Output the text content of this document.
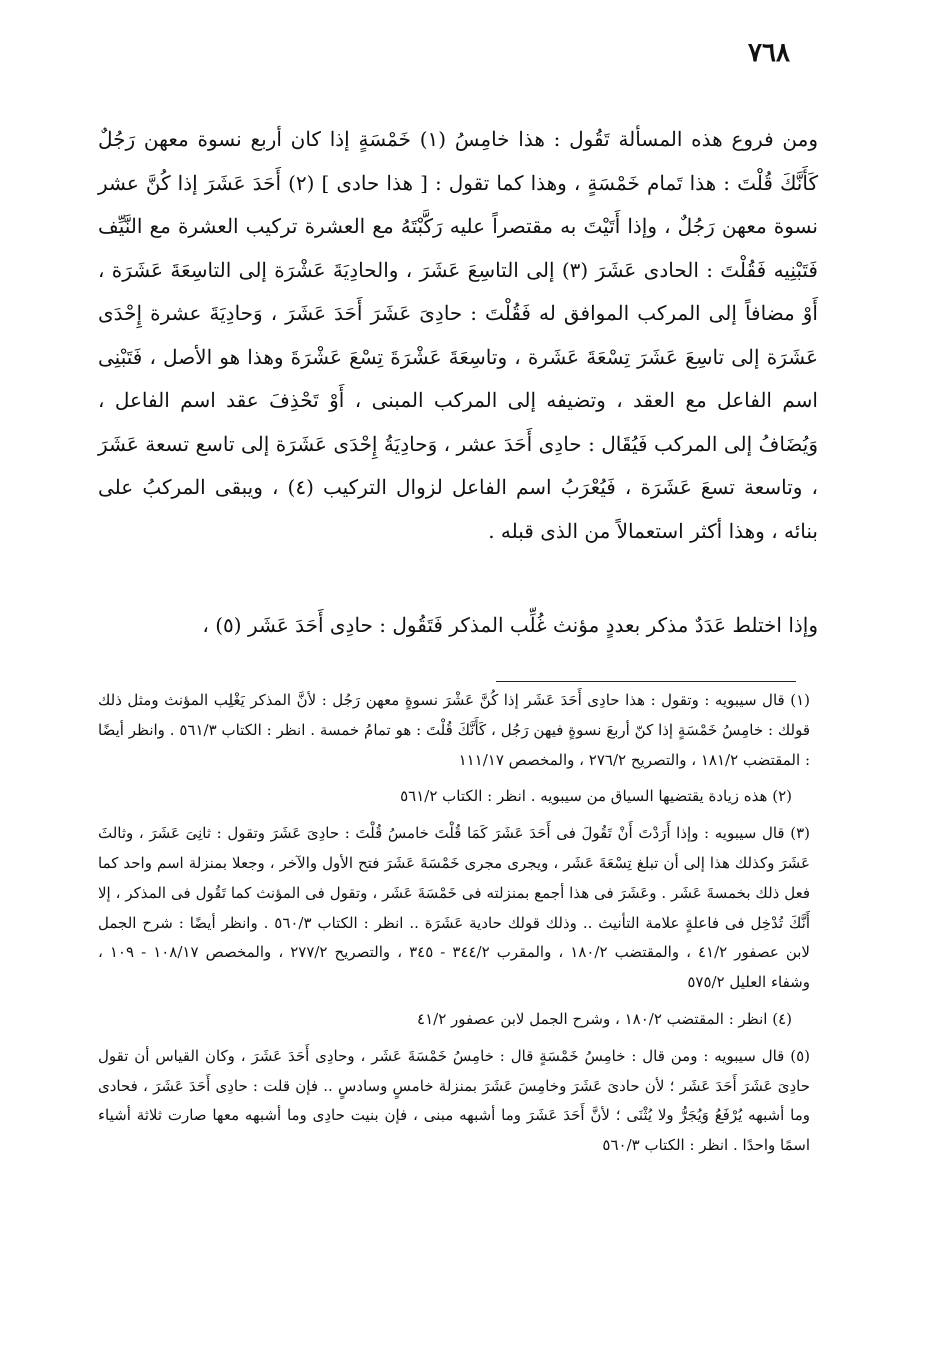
٧٦٨

ومن فروع هذه المسألة تَقُول : هذا خامِسُ (١) خَمْسَةٍ إذا كان أربع نسوة معهن رَجُلٌ كَأَنَّكَ قُلْتَ : هذا تَمام خَمْسَةٍ ، وهذا كما تقول : [ هذا حادى ] (٢) أَحَدَ عَشَرَ إذا كُنَّ عشر نسوة معهن رَجُلٌ ، وإذا أَتَيْتَ به مقتصراً عليه رَكَّبْتَهُ مع العشرة تركيب العشرة مع النَّيِّف فَتَبْنِيه فَقُلْتَ : الحادى عَشَرَ (٣) إلى التاسِعَ عَشَرَ ، والحادِيَةَ عَشْرَة إلى التاسِعَةَ عَشَرَة ، أَوْ مضافاً إلى المركب الموافق له فَقُلْتَ : حادِىَ عَشَرَ أَحَدَ عَشَرَ ، وَحادِيَةَ عشرة إِحْدَى عَشَرَة إلى تاسِعَ عَشَرَ تِسْعَةَ عَشَرة ، وتاسِعَةَ عَشْرَةَ تِسْعَ عَشْرَةَ وهذا هو الأصل ، فَتَبْنِى اسم الفاعل مع العقد ، وتضيفه إلى المركب المبنى ، أَوْ تَحْذِفَ عقد اسم الفاعل ، وَيُضَافُ إلى المركب فَيُقَال : حادِى أَحَدَ عشر ، وَحادِيَةُ إِحْدَى عَشَرَة إلى تاسع تسعة عَشَرَ ، وتاسعة تسعَ عَشَرَة ، فَيُعْرَبُ اسم الفاعل لزوال التركيب (٤) ، ويبقى المركبُ على بنائه ، وهذا أكثر استعمالاً من الذى قبله .

وإذا اختلط عَدَدٌ مذكر بعددٍ مؤنث غُلِّب المذكر فَتَقُول : حادِى أَحَدَ عَشَر (٥) ،

(١) قال سيبويه : وتقول : هذا حادِى أَحَدَ عَشَر إذا كُنَّ عَشْرَ نسوةٍ معهن رَجُل : لأنَّ المذكر يَغْلِب المؤنث ومثل ذلك قولك : خامِسُ خَمْسَةٍ إذا كنّ أربعَ نسوةٍ فيهن رَجُل ، كَأَنَّكَ قُلْتَ : هو تمامُ خمسة . انظر : الكتاب ٥٦١/٣ . وانظر أيضًا : المقتضب ١٨١/٢ ، والتصريح ٢٧٦/٢ ، والمخصص ١١١/١٧

(٢) هذه زيادة يقتضيها السياق من سيبويه . انظر : الكتاب ٥٦١/٢

(٣) قال سيبويه : وإذا أَرَدْتَ أَنْ تَقُولَ فى أَحَدَ عَشَرَ كَمَا قُلْتَ خامسُ قُلْتَ : حادِىَ عَشَرَ وتقول : ثانِىَ عَشَرَ ، وثالثَ عَشَرَ وكذلك هذا إلى أن تبلغ تِسْعَةَ عَشَر ، ويجرى مجرى خَمْسَةَ عَشَرَ فتح الأول والآخر ، وجعلا بمنزلة اسم واحد كما فعل ذلك بخمسةَ عَشَر . وعَشَرَ فى هذا أجمع بمنزلته فى خَمْسَةَ عَشَر ، وتقول فى المؤنث كما تَقُول فى المذكر ، إلا أَنَّكَ تُدْخِل فى فاعلةٍ علامة التأنيث .. وذلك قولك حادية عَشَرَة .. انظر : الكتاب ٥٦٠/٣ . وانظر أيضًا : شرح الجمل لابن عصفور ٤١/٢ ، والمقتضب ١٨٠/٢ ، والمقرب ٣٤٤/٢ - ٣٤٥ ، والتصريح ٢٧٧/٢ ، والمخصص ١٠٨/١٧ - ١٠٩ ، وشفاء العليل ٥٧٥/٢

(٤) انظر : المقتضب ١٨٠/٢ ، وشرح الجمل لابن عصفور ٤١/٢

(٥) قال سيبويه : ومن قال : خامِسُ خَمْسَةٍ قال : خامِسُ خَمْسَةَ عَشَر ، وحادِى أَحَدَ عَشَرَ ، وكان القياس أن تقول حادِىَ عَشَرَ أَحَدَ عَشَر ؛ لأن حادىَ عَشَرَ وخامِسَ عَشَرَ بمنزلة خامسٍ وسادسٍ .. فإن قلت : حادِى أَحَدَ عَشَرَ ، فحادى وما أشبهه يُرْفَعُ وَيُجَرُّ ولا يُثْنَى ؛ لأنَّ أَحَدَ عَشَرَ وما أشبهه مبنى ، فإن بنيت حادِى وما أشبهه معها صارت ثلاثة أشياء اسمًا واحدًا . انظر : الكتاب ٥٦٠/٣
